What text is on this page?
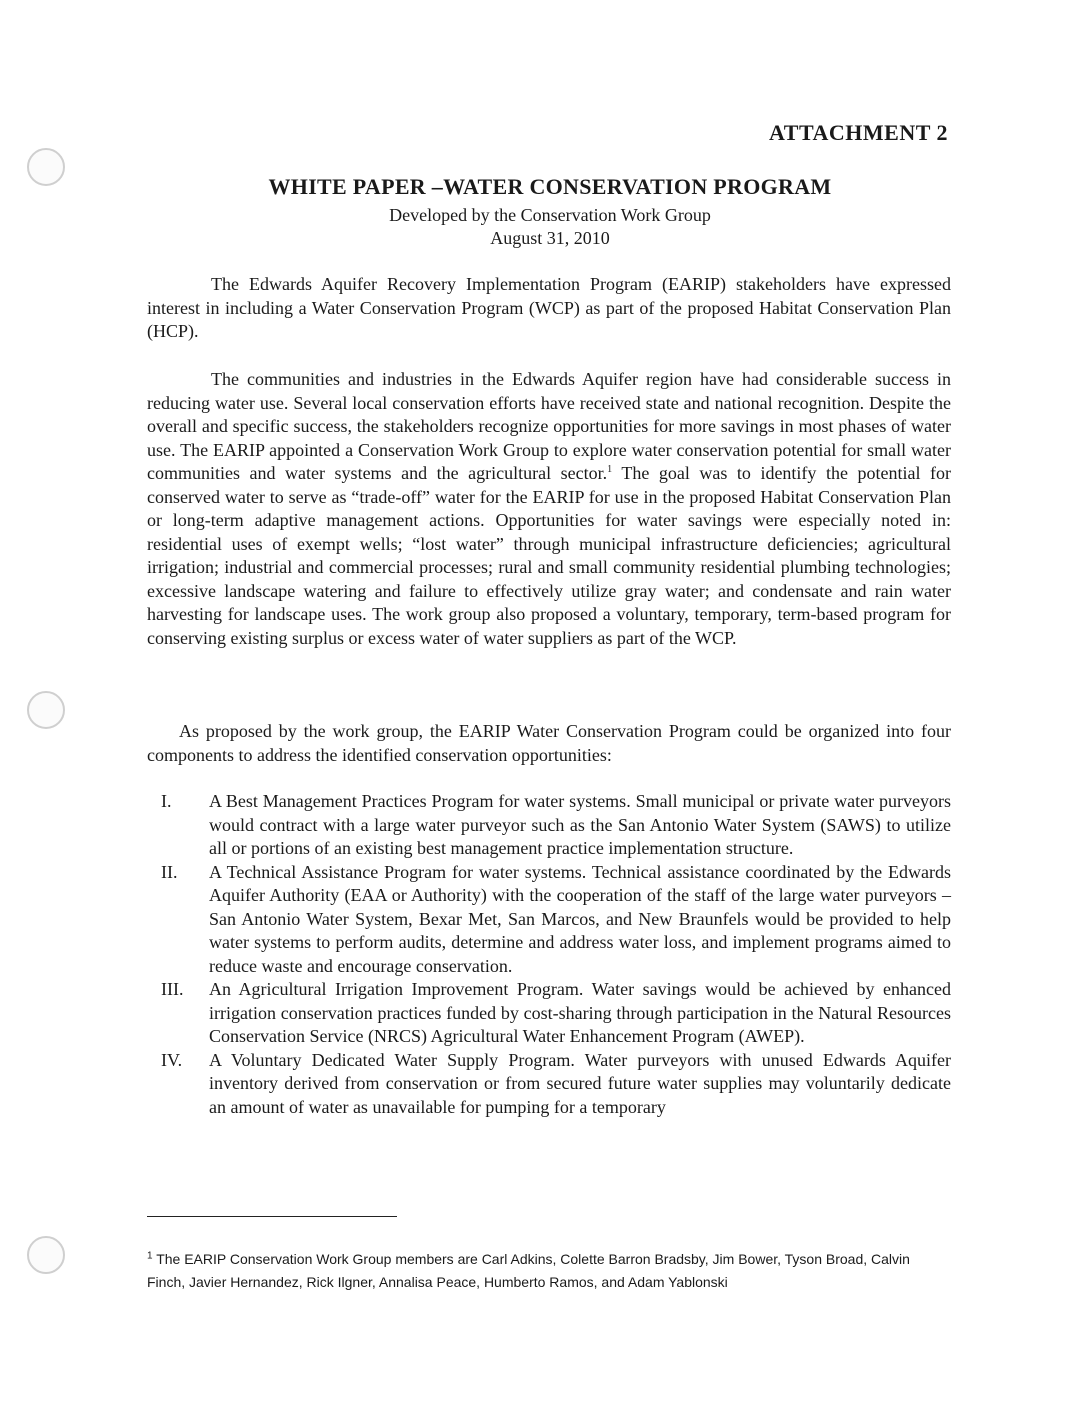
ATTACHMENT 2
WHITE PAPER –WATER CONSERVATION PROGRAM
Developed by the Conservation Work Group
August 31, 2010

The Edwards Aquifer Recovery Implementation Program (EARIP) stakeholders have expressed interest in including a Water Conservation Program (WCP) as part of the proposed Habitat Conservation Plan (HCP).

The communities and industries in the Edwards Aquifer region have had considerable success in reducing water use. Several local conservation efforts have received state and national recognition. Despite the overall and specific success, the stakeholders recognize opportunities for more savings in most phases of water use. The EARIP appointed a Conservation Work Group to explore water conservation potential for small water communities and water systems and the agricultural sector.$^1$ The goal was to identify the potential for conserved water to serve as “trade-off” water for the EARIP for use in the proposed Habitat Conservation Plan or long-term adaptive management actions. Opportunities for water savings were especially noted in: residential uses of exempt wells; “lost water” through municipal infrastructure deficiencies; agricultural irrigation; industrial and commercial processes; rural and small community residential plumbing technologies; excessive landscape watering and failure to effectively utilize gray water; and condensate and rain water harvesting for landscape uses. The work group also proposed a voluntary, temporary, term-based program for conserving existing surplus or excess water of water suppliers as part of the WCP.

As proposed by the work group, the EARIP Water Conservation Program could be organized into four components to address the identified conservation opportunities:

I.	A Best Management Practices Program for water systems. Small municipal or private water purveyors would contract with a large water purveyor such as the San Antonio Water System (SAWS) to utilize all or portions of an existing best management practice implementation structure.
II.	A Technical Assistance Program for water systems. Technical assistance coordinated by the Edwards Aquifer Authority (EAA or Authority) with the cooperation of the staff of the large water purveyors – San Antonio Water System, Bexar Met, San Marcos, and New Braunfels would be provided to help water systems to perform audits, determine and address water loss, and implement programs aimed to reduce waste and encourage conservation.
III.	An Agricultural Irrigation Improvement Program. Water savings would be achieved by enhanced irrigation conservation practices funded by cost-sharing through participation in the Natural Resources Conservation Service (NRCS) Agricultural Water Enhancement Program (AWEP).
IV.	A Voluntary Dedicated Water Supply Program. Water purveyors with unused Edwards Aquifer inventory derived from conservation or from secured future water supplies may voluntarily dedicate an amount of water as unavailable for pumping for a temporary
$^1$ The EARIP Conservation Work Group members are Carl Adkins, Colette Barron Bradsby, Jim Bower, Tyson Broad, Calvin Finch, Javier Hernandez, Rick Ilgner, Annalisa Peace, Humberto Ramos, and Adam Yablonski
